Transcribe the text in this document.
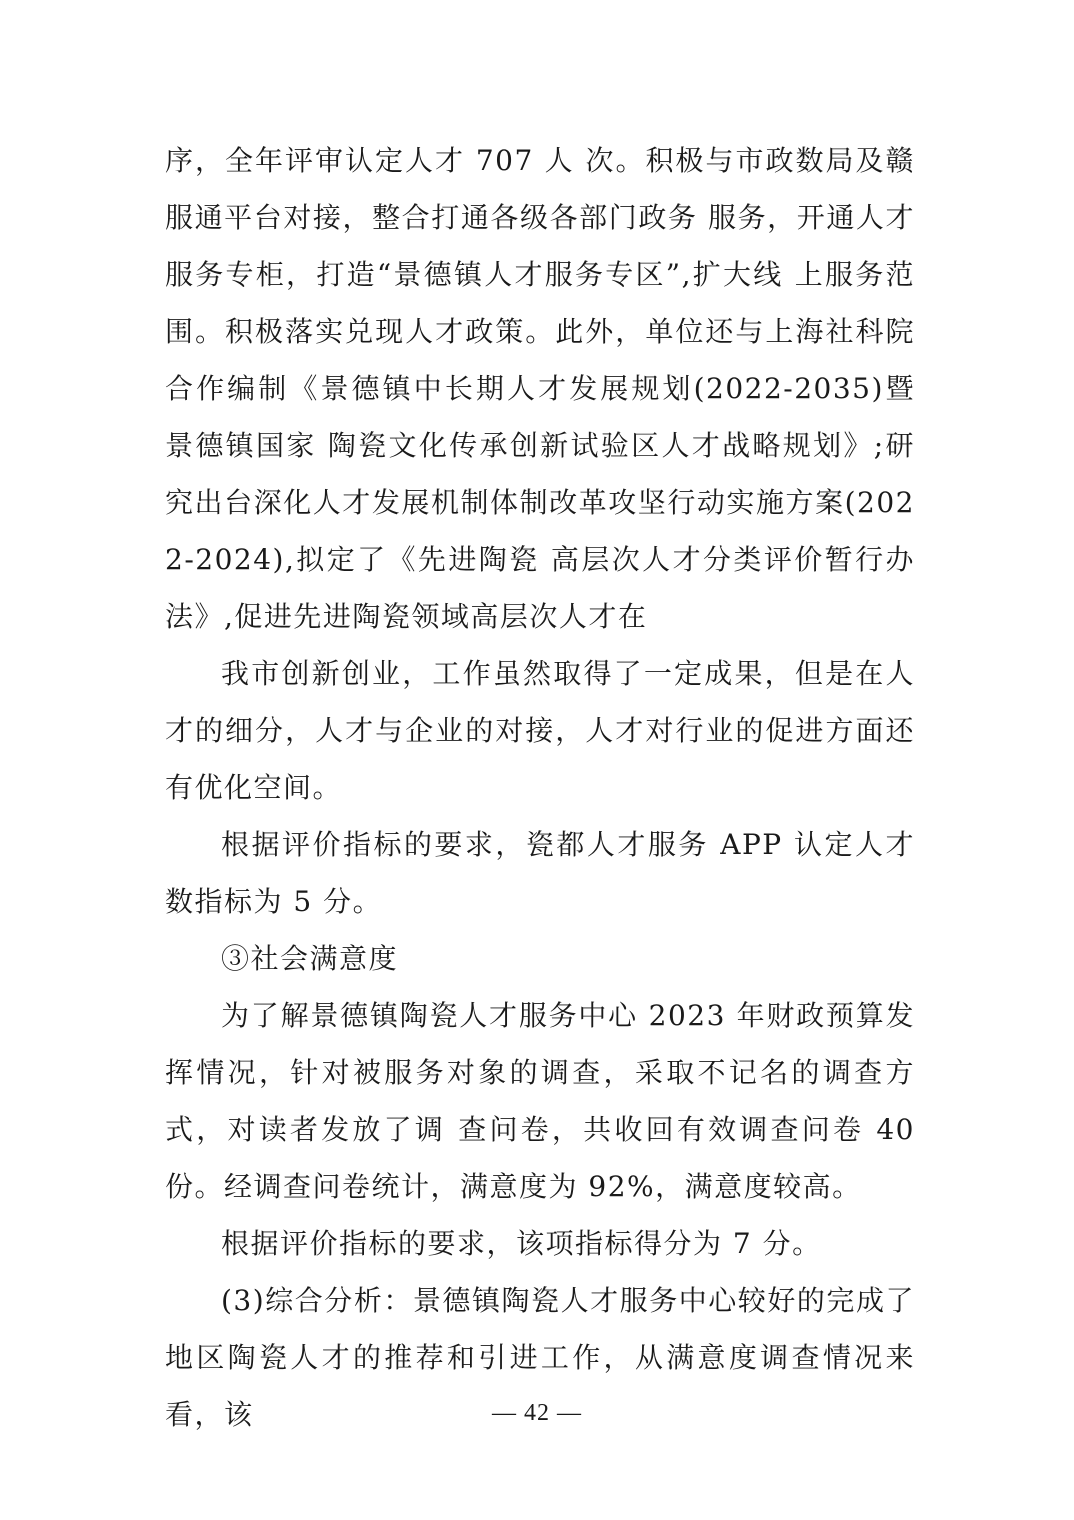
序，全年评审认定人才 707 人 次。积极与市政数局及赣服通平台对接，整合打通各级各部门政务 服务，开通人才服务专柜，打造“景德镇人才服务专区”,扩大线 上服务范围。积极落实兑现人才政策。此外，单位还与上海社科院 合作编制《景德镇中长期人才发展规划(2022-2035)暨景德镇国家 陶瓷文化传承创新试验区人才战略规划》;研究出台深化人才发展机制体制改革攻坚行动实施方案(2022-2024),拟定了《先进陶瓷 高层次人才分类评价暂行办法》,促进先进陶瓷领域高层次人才在

我市创新创业，工作虽然取得了一定成果，但是在人才的细分，人才与企业的对接，人才对行业的促进方面还有优化空间。

根据评价指标的要求，瓷都人才服务 APP 认定人才数指标为 5 分。

③社会满意度

为了解景德镇陶瓷人才服务中心 2023 年财政预算发挥情况，针对被服务对象的调查，采取不记名的调查方式，对读者发放了调 查问卷，共收回有效调查问卷 40 份。经调查问卷统计，满意度为 92%，满意度较高。

根据评价指标的要求，该项指标得分为 7 分。

(3)综合分析：景德镇陶瓷人才服务中心较好的完成了地区陶瓷人才的推荐和引进工作，从满意度调查情况来看，该	— 42 —
